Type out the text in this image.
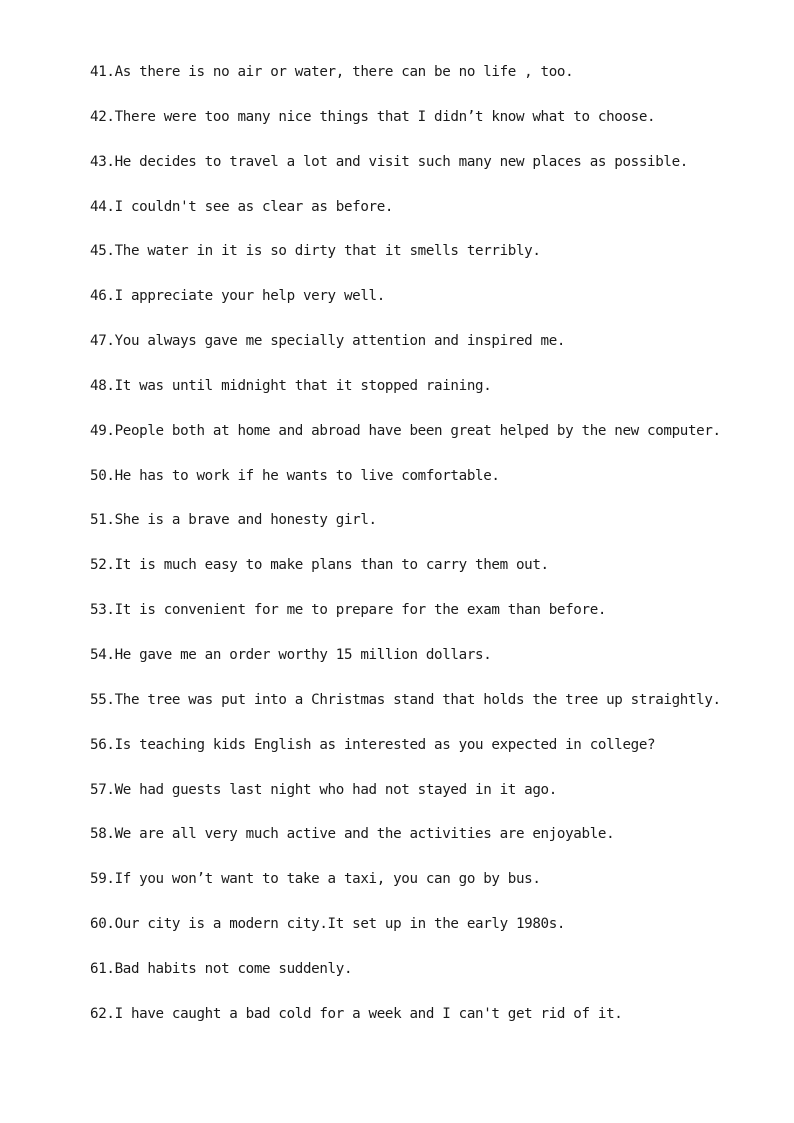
41.As there is no air or water, there can be no life , too.
42.There were too many nice things that I didn’t know what to choose.
43.He decides to travel a lot and visit such many new places as possible.
44.I couldn't see as clear as before.
45.The water in it is so dirty that it smells terribly.
46.I appreciate your help very well.
47.You always gave me specially attention and inspired me.
48.It was until midnight that it stopped raining.
49.People both at home and abroad have been great helped by the new computer.
50.He has to work if he wants to live comfortable.
51.She is a brave and honesty girl.
52.It is much easy to make plans than to carry them out.
53.It is convenient for me to prepare for the exam than before.
54.He gave me an order worthy 15 million dollars.
55.The tree was put into a Christmas stand that holds the tree up straightly.
56.Is teaching kids English as interested as you expected in college?
57.We had guests last night who had not stayed in it ago.
58.We are all very much active and the activities are enjoyable.
59.If you won’t want to take a taxi, you can go by bus.
60.Our city is a modern city.It set up in the early 1980s.
61.Bad habits not come suddenly.
62.I have caught a bad cold for a week and I can't get rid of it.
